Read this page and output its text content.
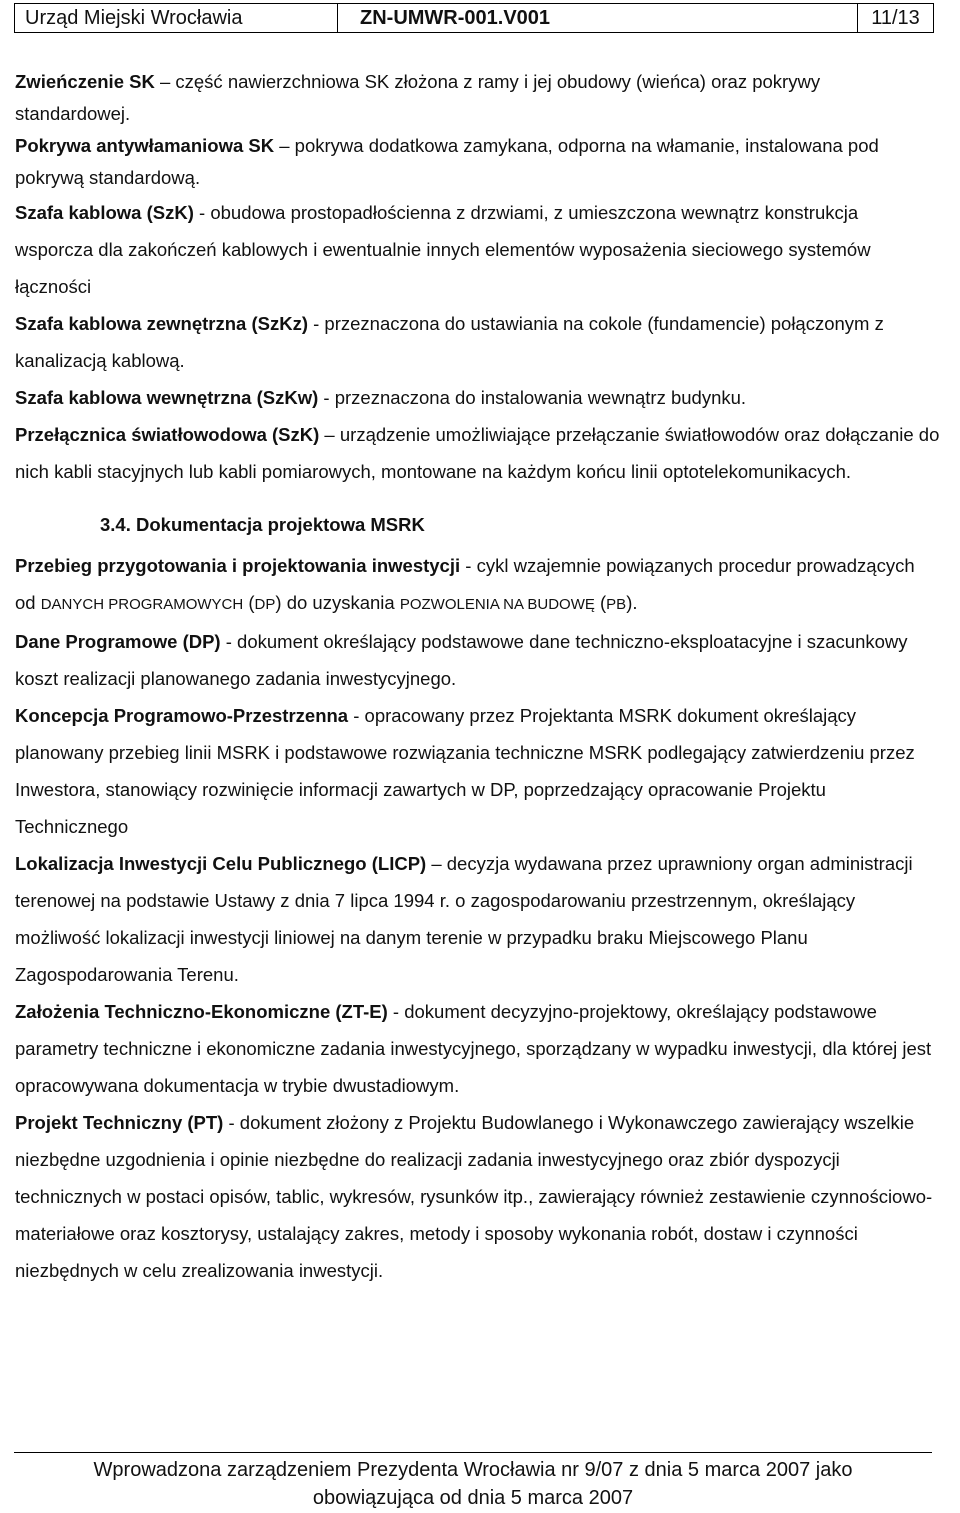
Urząd Miejski Wrocławia	ZN-UMWR-001.V001	11/13
Zwieńczenie SK – część nawierzchniowa SK złożona z ramy i jej obudowy (wieńca) oraz pokrywy standardowej.
Pokrywa antywłamaniowa SK – pokrywa dodatkowa zamykana, odporna na włamanie, instalowana pod pokrywą standardową.
Szafa kablowa (SzK) - obudowa prostopadłościenna z drzwiami, z umieszczona wewnątrz konstrukcja wsporcza dla zakończeń kablowych i ewentualnie innych elementów wyposażenia sieciowego systemów łączności
Szafa kablowa zewnętrzna (SzKz) - przeznaczona do ustawiania na cokole (fundamencie) połączonym z kanalizacją kablową.
Szafa kablowa wewnętrzna (SzKw) - przeznaczona do instalowania wewnątrz budynku.
Przełącznica światłowodowa (SzK) – urządzenie umożliwiające przełączanie światłowodów oraz dołączanie do nich kabli stacyjnych lub kabli pomiarowych, montowane na każdym końcu linii optotelekomunikacych.
3.4. Dokumentacja projektowa MSRK
Przebieg przygotowania i projektowania inwestycji - cykl wzajemnie powiązanych procedur prowadzących od DANYCH PROGRAMOWYCH (DP) do uzyskania POZWOLENIA NA BUDOWĘ (PB).
Dane Programowe (DP) - dokument określający podstawowe dane techniczno-eksploatacyjne i szacunkowy koszt realizacji planowanego zadania inwestycyjnego.
Koncepcja Programowo-Przestrzenna - opracowany przez Projektanta MSRK dokument określający planowany przebieg linii MSRK i podstawowe rozwiązania techniczne MSRK podlegający zatwierdzeniu przez Inwestora, stanowiący rozwinięcie informacji zawartych w DP, poprzedzający opracowanie Projektu Technicznego
Lokalizacja Inwestycji Celu Publicznego (LICP) – decyzja wydawana przez uprawniony organ administracji terenowej na podstawie Ustawy z dnia 7 lipca 1994 r. o zagospodarowaniu przestrzennym, określający możliwość lokalizacji inwestycji liniowej na danym terenie w przypadku braku Miejscowego Planu Zagospodarowania Terenu.
Założenia Techniczno-Ekonomiczne (ZT-E) - dokument decyzyjno-projektowy, określający podstawowe parametry techniczne i ekonomiczne zadania inwestycyjnego, sporządzany w wypadku inwestycji, dla której jest opracowywana dokumentacja w trybie dwustadiowym.
Projekt Techniczny (PT) - dokument złożony z Projektu Budowlanego i Wykonawczego zawierający wszelkie niezbędne uzgodnienia i opinie niezbędne do realizacji zadania inwestycyjnego oraz zbiór dyspozycji technicznych w postaci opisów, tablic, wykresów, rysunków itp., zawierający również zestawienie czynnościowo-materiałowe oraz kosztorysy, ustalający zakres, metody i sposoby wykonania robót, dostaw i czynności niezbędnych w celu zrealizowania inwestycji.
Wprowadzona zarządzeniem Prezydenta Wrocławia nr 9/07 z dnia 5 marca 2007 jako
obowiązująca od dnia 5 marca 2007
